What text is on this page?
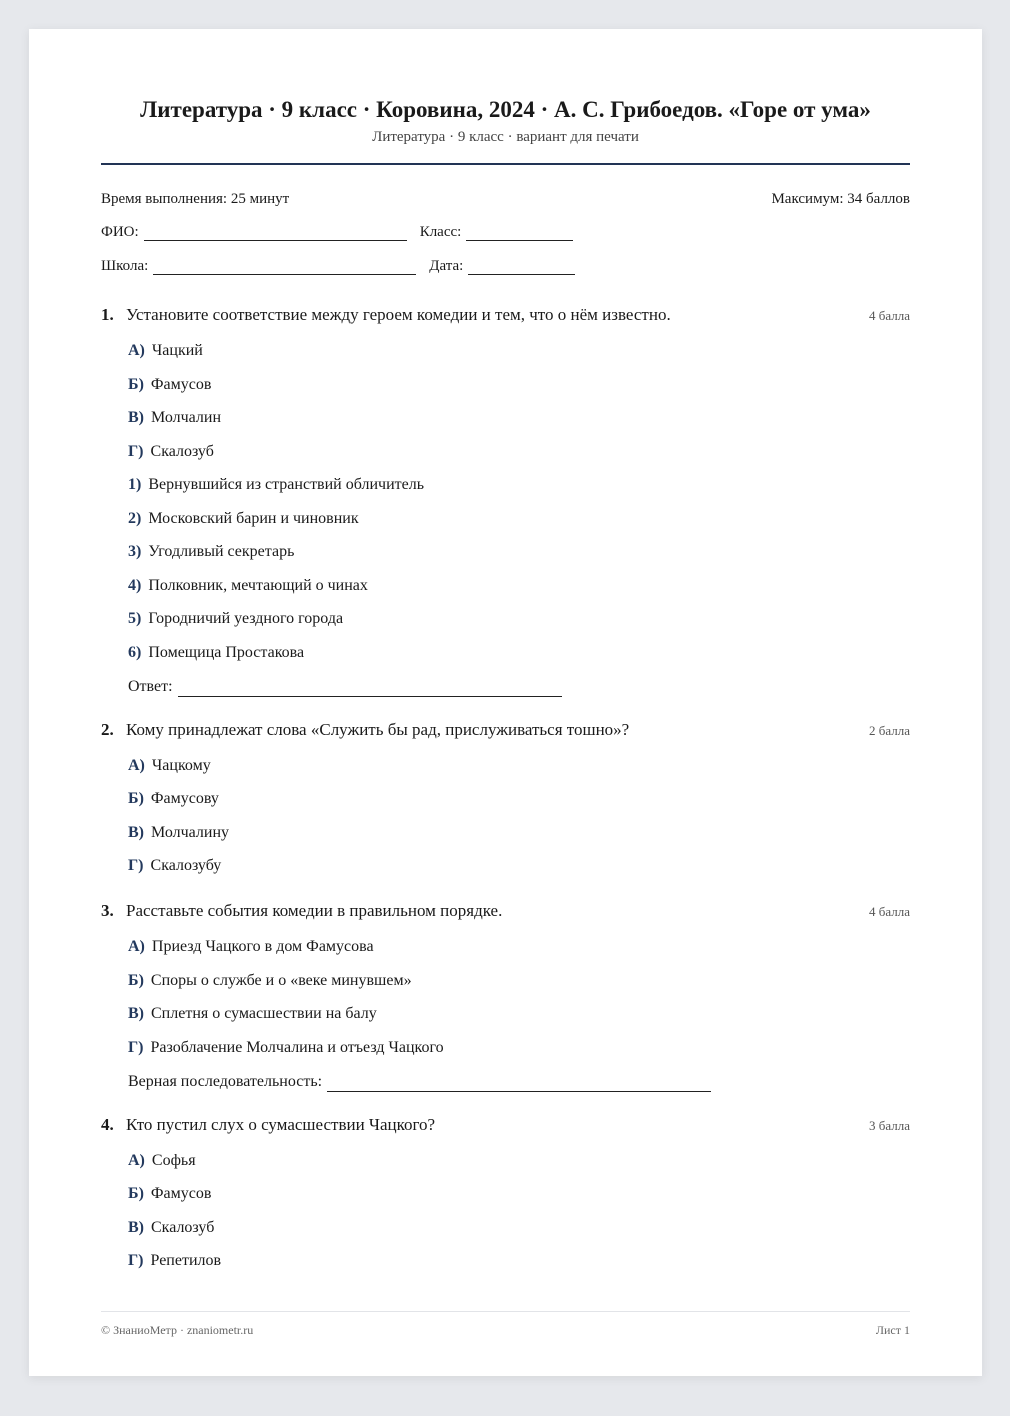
Литература · 9 класс · Коровина, 2024 · А. С. Грибоедов. «Горе от ума»
Литература · 9 класс · вариант для печати
Время выполнения: 25 минут	Максимум: 34 баллов
ФИО:	Класс:
Школа:	Дата:
1. Установите соответствие между героем комедии и тем, что о нём известно.	4 балла
А) Чацкий
Б) Фамусов
В) Молчалин
Г) Скалозуб
1) Вернувшийся из странствий обличитель
2) Московский барин и чиновник
3) Угодливый секретарь
4) Полковник, мечтающий о чинах
5) Городничий уездного города
6) Помещица Простакова
Ответ:
2. Кому принадлежат слова «Служить бы рад, прислуживаться тошно»?	2 балла
А) Чацкому
Б) Фамусову
В) Молчалину
Г) Скалозубу
3. Расставьте события комедии в правильном порядке.	4 балла
А) Приезд Чацкого в дом Фамусова
Б) Споры о службе и о «веке минувшем»
В) Сплетня о сумасшествии на балу
Г) Разоблачение Молчалина и отъезд Чацкого
Верная последовательность:
4. Кто пустил слух о сумасшествии Чацкого?	3 балла
А) Софья
Б) Фамусов
В) Скалозуб
Г) Репетилов
© ЗнаниоМетр · znaniometr.ru	Лист 1
